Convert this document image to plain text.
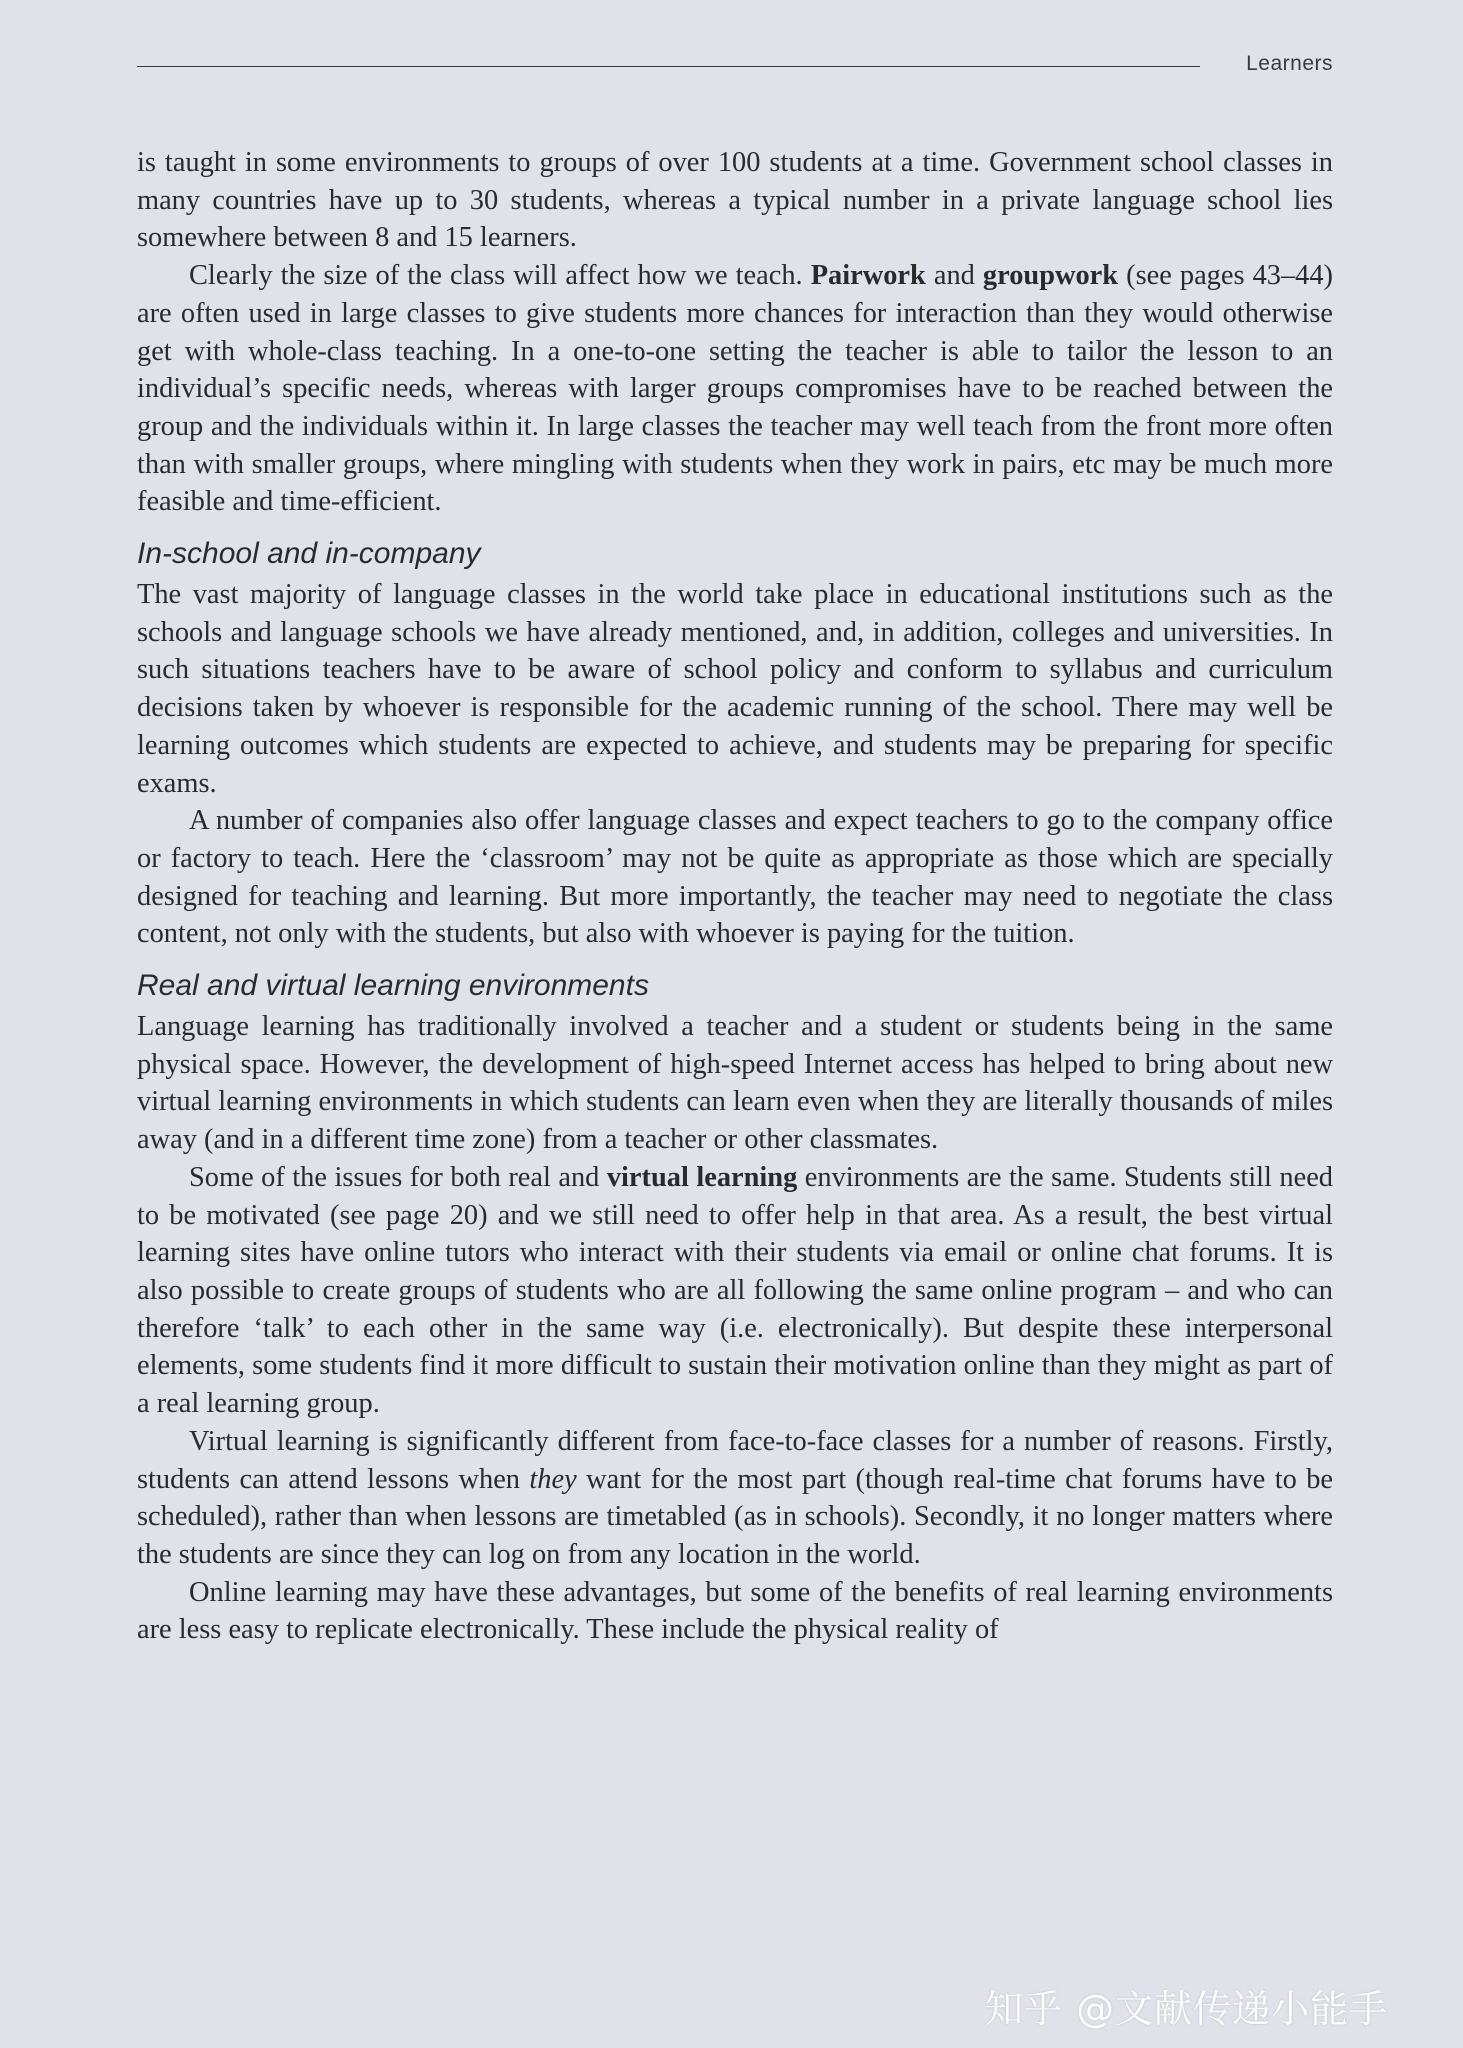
Learners

is taught in some environments to groups of over 100 students at a time. Government school classes in many countries have up to 30 students, whereas a typical number in a private language school lies somewhere between 8 and 15 learners.

Clearly the size of the class will affect how we teach. Pairwork and groupwork (see pages 43–44) are often used in large classes to give students more chances for interaction than they would otherwise get with whole-class teaching. In a one-to-one setting the teacher is able to tailor the lesson to an individual’s specific needs, whereas with larger groups compromises have to be reached between the group and the individuals within it. In large classes the teacher may well teach from the front more often than with smaller groups, where mingling with students when they work in pairs, etc may be much more feasible and time-efficient.

In-school and in-company

The vast majority of language classes in the world take place in educational institutions such as the schools and language schools we have already mentioned, and, in addition, colleges and universities. In such situations teachers have to be aware of school policy and conform to syllabus and curriculum decisions taken by whoever is responsible for the academic running of the school. There may well be learning outcomes which students are expected to achieve, and students may be preparing for specific exams.

A number of companies also offer language classes and expect teachers to go to the company office or factory to teach. Here the ‘classroom’ may not be quite as appropriate as those which are specially designed for teaching and learning. But more importantly, the teacher may need to negotiate the class content, not only with the students, but also with whoever is paying for the tuition.

Real and virtual learning environments

Language learning has traditionally involved a teacher and a student or students being in the same physical space. However, the development of high-speed Internet access has helped to bring about new virtual learning environments in which students can learn even when they are literally thousands of miles away (and in a different time zone) from a teacher or other classmates.

Some of the issues for both real and virtual learning environments are the same. Students still need to be motivated (see page 20) and we still need to offer help in that area. As a result, the best virtual learning sites have online tutors who interact with their students via email or online chat forums. It is also possible to create groups of students who are all following the same online program – and who can therefore ‘talk’ to each other in the same way (i.e. electronically). But despite these interpersonal elements, some students find it more difficult to sustain their motivation online than they might as part of a real learning group.

Virtual learning is significantly different from face-to-face classes for a number of reasons. Firstly, students can attend lessons when they want for the most part (though real-time chat forums have to be scheduled), rather than when lessons are timetabled (as in schools). Secondly, it no longer matters where the students are since they can log on from any location in the world.

Online learning may have these advantages, but some of the benefits of real learning environments are less easy to replicate electronically. These include the physical reality of

知乎 @文献传递小能手
